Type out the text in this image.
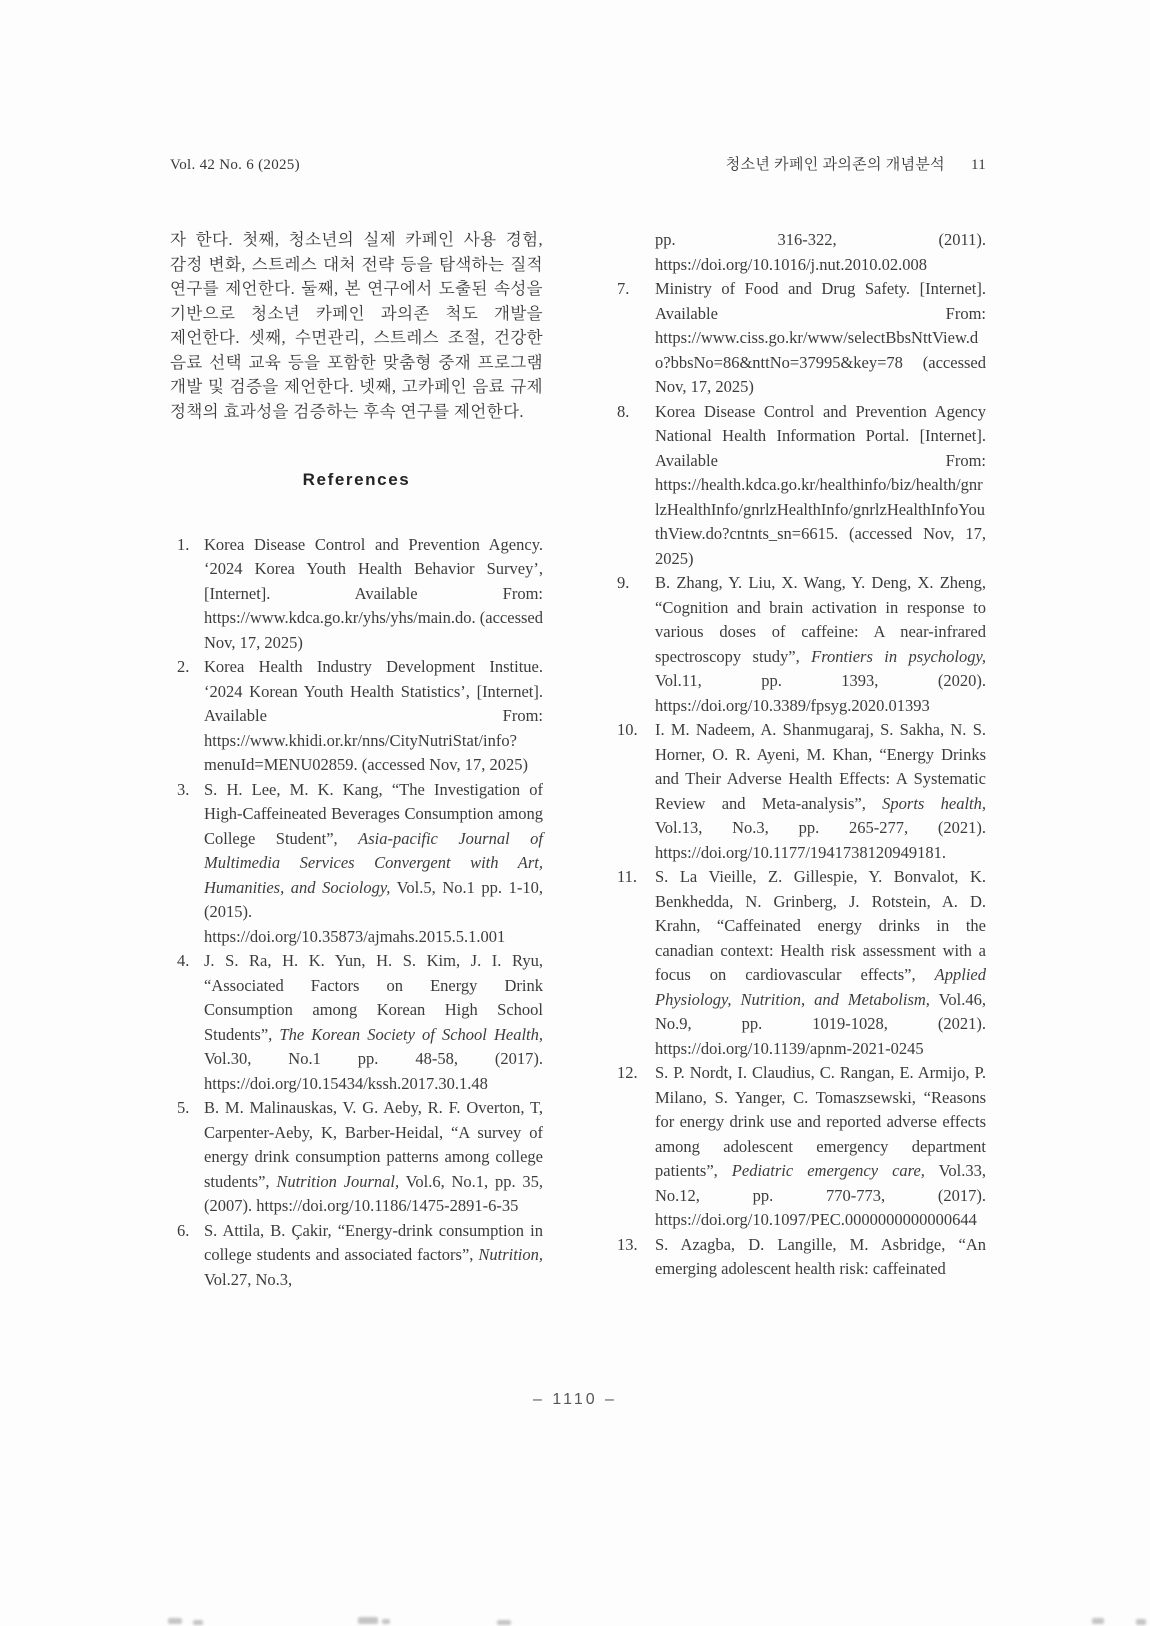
Vol. 42 No. 6 (2025)	청소년 카페인 과의존의 개념분석 11

자 한다. 첫째, 청소년의 실제 카페인 사용 경험, 감정 변화, 스트레스 대처 전략 등을 탐색하는 질적 연구를 제언한다. 둘째, 본 연구에서 도출된 속성을 기반으로 청소년 카페인 과의존 척도 개발을 제언한다. 셋째, 수면관리, 스트레스 조절, 건강한 음료 선택 교육 등을 포함한 맞춤형 중재 프로그램 개발 및 검증을 제언한다. 넷째, 고카페인 음료 규제 정책의 효과성을 검증하는 후속 연구를 제언한다.

References
1. Korea Disease Control and Prevention Agency. ‘2024 Korea Youth Health Behavior Survey’, [Internet]. Available From: https://www.kdca.go.kr/yhs/yhs/main.do. (accessed Nov, 17, 2025)
2. Korea Health Industry Development Institue. ‘2024 Korean Youth Health Statistics’, [Internet]. Available From: https://www.khidi.or.kr/nns/CityNutriStat/info?menuId=MENU02859. (accessed Nov, 17, 2025)
3. S. H. Lee, M. K. Kang, “The Investigation of High-Caffeineated Beverages Consumption among College Student”, Asia-pacific Journal of Multimedia Services Convergent with Art, Humanities, and Sociology, Vol.5, No.1 pp. 1-10, (2015). https://doi.org/10.35873/ajmahs.2015.5.1.001
4. J. S. Ra, H. K. Yun, H. S. Kim, J. I. Ryu, “Associated Factors on Energy Drink Consumption among Korean High School Students”, The Korean Society of School Health, Vol.30, No.1 pp. 48-58, (2017). https://doi.org/10.15434/kssh.2017.30.1.48
5. B. M. Malinauskas, V. G. Aeby, R. F. Overton, T, Carpenter-Aeby, K, Barber-Heidal, “A survey of energy drink consumption patterns among college students”, Nutrition Journal, Vol.6, No.1, pp. 35, (2007). https://doi.org/10.1186/1475-2891-6-35
6. S. Attila, B. Çakir, “Energy-drink consumption in college students and associated factors”, Nutrition, Vol.27, No.3,
pp. 316-322, (2011). https://doi.org/10.1016/j.nut.2010.02.008
7.	Ministry of Food and Drug Safety. [Internet]. Available From: https://www.ciss.go.kr/www/selectBbsNttView.do?bbsNo=86&nttNo=37995&key=78 (accessed Nov, 17, 2025)
8.	Korea Disease Control and Prevention Agency National Health Information Portal. [Internet]. Available From: https://health.kdca.go.kr/healthinfo/biz/health/gnrlzHealthInfo/gnrlzHealthInfo/gnrlzHealthInfoYouthView.do?cntnts_sn=6615. (accessed Nov, 17, 2025)
9.	B. Zhang, Y. Liu, X. Wang, Y. Deng, X. Zheng, “Cognition and brain activation in response to various doses of caffeine: A near-infrared spectroscopy study”, Frontiers in psychology, Vol.11, pp. 1393, (2020). https://doi.org/10.3389/fpsyg.2020.01393
10.	I. M. Nadeem, A. Shanmugaraj, S. Sakha, N. S. Horner, O. R. Ayeni, M. Khan, “Energy Drinks and Their Adverse Health Effects: A Systematic Review and Meta-analysis”, Sports health, Vol.13, No.3, pp. 265-277, (2021). https://doi.org/10.1177/1941738120949181.
11.	S. La Vieille, Z. Gillespie, Y. Bonvalot, K. Benkhedda, N. Grinberg, J. Rotstein, A. D. Krahn, “Caffeinated energy drinks in the canadian context: Health risk assessment with a focus on cardiovascular effects”, Applied Physiology, Nutrition, and Metabolism, Vol.46, No.9, pp. 1019-1028, (2021). https://doi.org/10.1139/apnm-2021-0245
12.	S. P. Nordt, I. Claudius, C. Rangan, E. Armijo, P. Milano, S. Yanger, C. Tomaszsewski, “Reasons for energy drink use and reported adverse effects among adolescent emergency department patients”, Pediatric emergency care, Vol.33, No.12, pp. 770-773, (2017). https://doi.org/10.1097/PEC.0000000000000644
13.	S. Azagba, D. Langille, M. Asbridge, “An emerging adolescent health risk: caffeinated
– 1110 –
